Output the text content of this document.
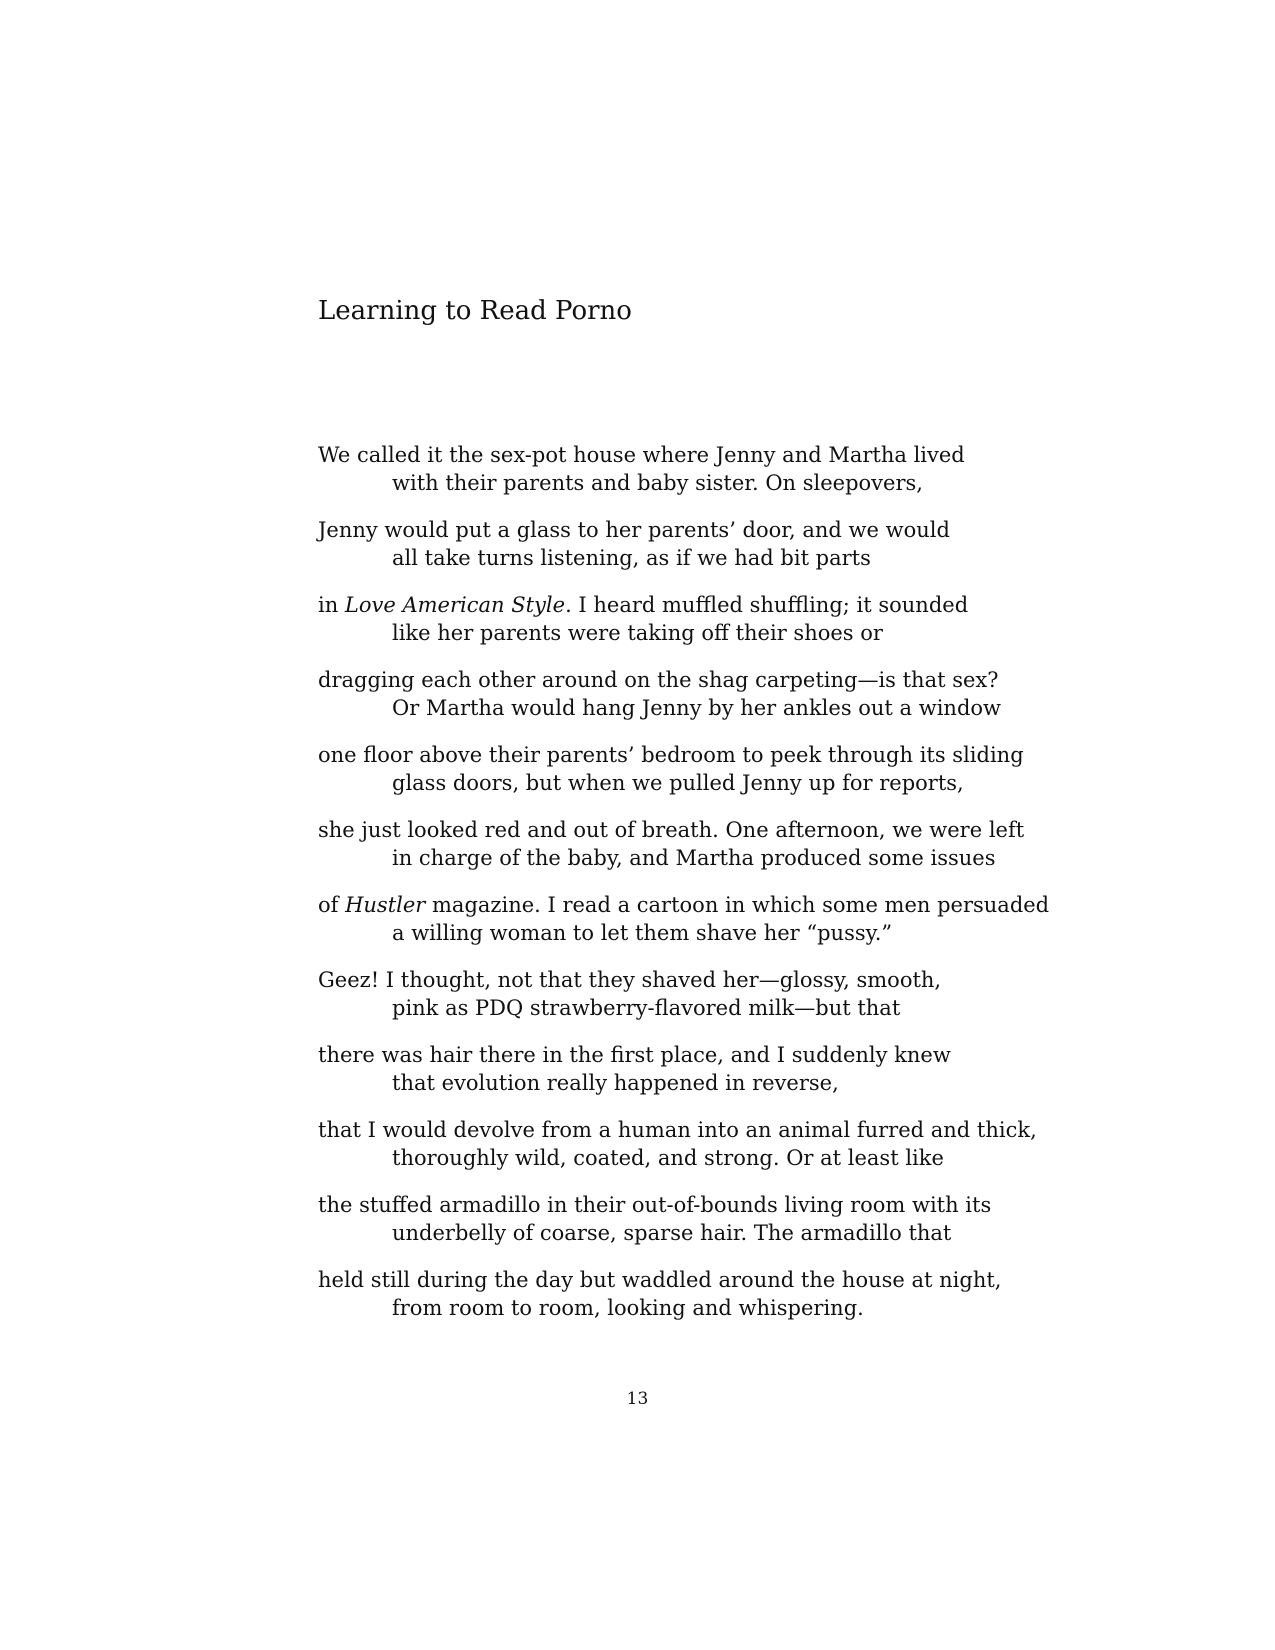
Learning to Read Porno
We called it the sex-pot house where Jenny and Martha lived
with their parents and baby sister. On sleepovers,
Jenny would put a glass to her parents’ door, and we would
all take turns listening, as if we had bit parts
in Love American Style. I heard muffled shuffling; it sounded
like her parents were taking off their shoes or
dragging each other around on the shag carpeting—is that sex?
Or Martha would hang Jenny by her ankles out a window
one floor above their parents’ bedroom to peek through its sliding
glass doors, but when we pulled Jenny up for reports,
she just looked red and out of breath. One afternoon, we were left
in charge of the baby, and Martha produced some issues
of Hustler magazine. I read a cartoon in which some men persuaded
a willing woman to let them shave her “pussy.”
Geez! I thought, not that they shaved her—glossy, smooth,
pink as PDQ strawberry-flavored milk—but that
there was hair there in the first place, and I suddenly knew
that evolution really happened in reverse,
that I would devolve from a human into an animal furred and thick,
thoroughly wild, coated, and strong. Or at least like
the stuffed armadillo in their out-of-bounds living room with its
underbelly of coarse, sparse hair. The armadillo that
held still during the day but waddled around the house at night,
from room to room, looking and whispering.
13
